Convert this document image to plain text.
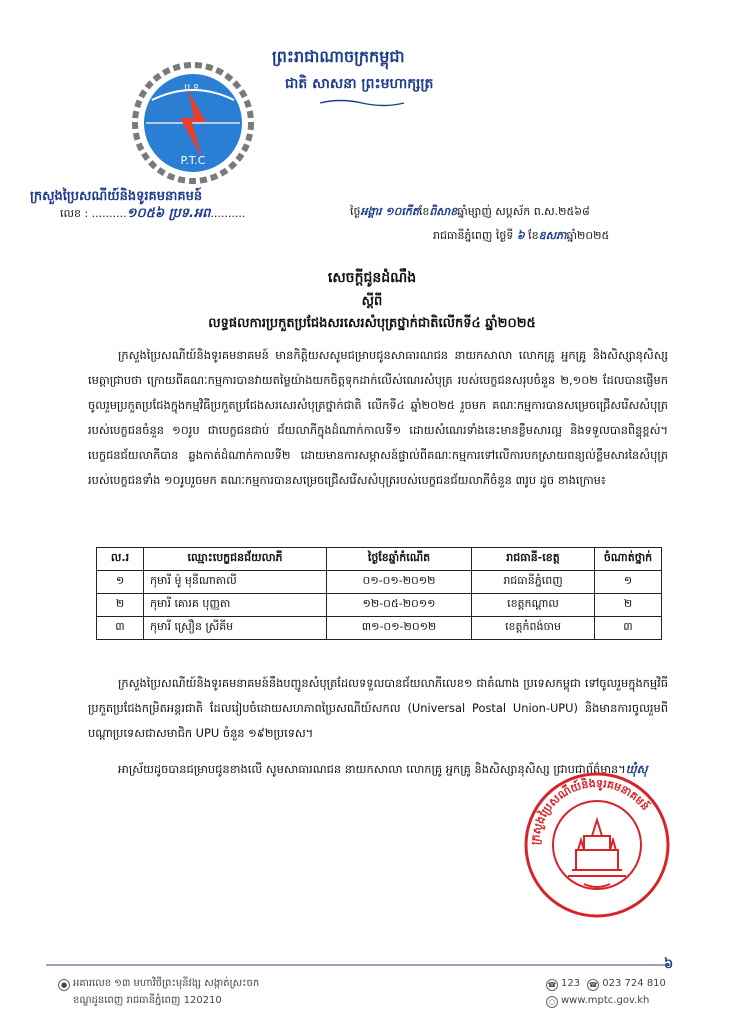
ព្រះរាជាណាចក្រកម្ពុជា
ជាតិ សាសនា ព្រះមហាក្សត្រ
ប.ទ.
P.T.C
ក្រសួងប្រៃសណីយ៍និងទូរគមនាគមន៍
លេខ : ..........១០៥៦ ប្រទ.អព..........	ថ្ងៃអង្គារ ១០កើតខែពិសាខឆ្នាំម្សាញ់ សប្តស័ក ព.ស.២៥៦៨
រាជធានីភ្នំពេញ ថ្ងៃទី ៦ ខែឧសភាឆ្នាំ២០២៥
សេចក្តីជូនដំណឹង
ស្តីពី
លទ្ធផលការប្រកួតប្រជែងសរសេរសំបុត្រថ្នាក់ជាតិលើកទី៤ ឆ្នាំ២០២៥
ក្រសួងប្រៃសណីយ៍និងទូរគមនាគមន៍ មានកិត្តិយសសូមជម្រាបជូនសាធារណជន នាយកសាលា លោកគ្រូ អ្នកគ្រូ និងសិស្សានុសិស្ស មេត្តាជ្រាបថា ក្រោយពីគណៈកម្មការបានវាយតម្លៃយ៉ាងយកចិត្តទុកដាក់លើស់ណេរសំបុត្រ របស់បេក្ខជនសរុបចំនួន ២,១០២ ដែលបានផ្ញើមកចូលរួមប្រកួតប្រជែងក្នុងកម្មវិធីប្រកួតប្រជែងសរសេរសំបុត្រថ្នាក់ជាតិ លើកទី៤ ឆ្នាំ២០២៥ រួចមក គណៈកម្មការបានសម្រេចជ្រើសរើសសំបុត្ររបស់បេក្ខជនចំនួន ១០រូប ជាបេក្ខជនជាប់ ជ័យលាភីក្នុងដំណាក់កាលទី១ ដោយសំណេរទាំងនេះមានខ្លឹមសារល្អ និងទទួលបានពិន្ទុខ្ពស់។ បេក្ខជនជ័យលាភីបាន ឆ្លងកាត់ដំណាក់កាលទី២ ដោយមានការសម្ភាសន៍ផ្ទាល់ពីគណៈកម្មការទៅលើការបកស្រាយពន្យល់ខ្លឹមសារនៃសំបុត្រ របស់បេក្ខជនទាំង ១០រូបរួចមក គណៈកម្មការបានសម្រេចជ្រើសរើសសំបុត្ររបស់បេក្ខជនជ័យលាភីចំនួន ៣រូប ដូច ខាងក្រោម៖
ល.រ	ឈ្មោះបេក្ខជនជ័យលាភី	ថ្ងៃខែឆ្នាំកំណើត	រាជធានី-ខេត្ត	ចំណាត់ថ្នាក់
១	កុមារី ម៉ូ មុនីណាតាលី	០១-០១-២០១២	រាជធានីភ្នំពេញ	១
២	កុមារី គោរគ បុញ្ញតា	១២-០៥-២០១១	ខេត្តកណ្តាល	២
៣	កុមារី ស្រឿន ស្រីគីម	៣១-០១-២០១២	ខេត្តកំពង់ចាម	៣
ក្រសួងប្រៃសណីយ៍និងទូរគមនាគមន៍នឹងបញ្ជូនសំបុត្រដែលទទួលបានជ័យលាភីលេខ១ ជាតំណាង ប្រទេសកម្ពុជា ទៅចូលរួមក្នុងកម្មវិធីប្រកួតប្រជែងកម្រិតអន្តរជាតិ ដែលរៀបចំដោយសហភាពប្រៃសណីយ៍សកល (Universal Postal Union-UPU) និងមានការចូលរួមពីបណ្តាប្រទេសជាសមាជិក UPU ចំនួន ១៩២ប្រទេស។
អាស្រ័យដូចបានជម្រាបជូនខាងលើ សូមសាធារណជន នាយកសាលា លោកគ្រូ អ្នកគ្រូ និងសិស្សានុសិស្ស ជ្រាបជាព័ត៌មាន។ឃុំសុ
ក្រសួងប្រៃសណីយ៍និងទូរគមនាគមន៍
៦
● អគារលេខ ១៣ មហាវិថីព្រះមុនីវង្ស សង្កាត់ស្រះចក
ខណ្ឌដូនពេញ រាជធានីភ្នំពេញ 120210
☎ 123 ☎ 023 724 810
○ www.mptc.gov.kh
